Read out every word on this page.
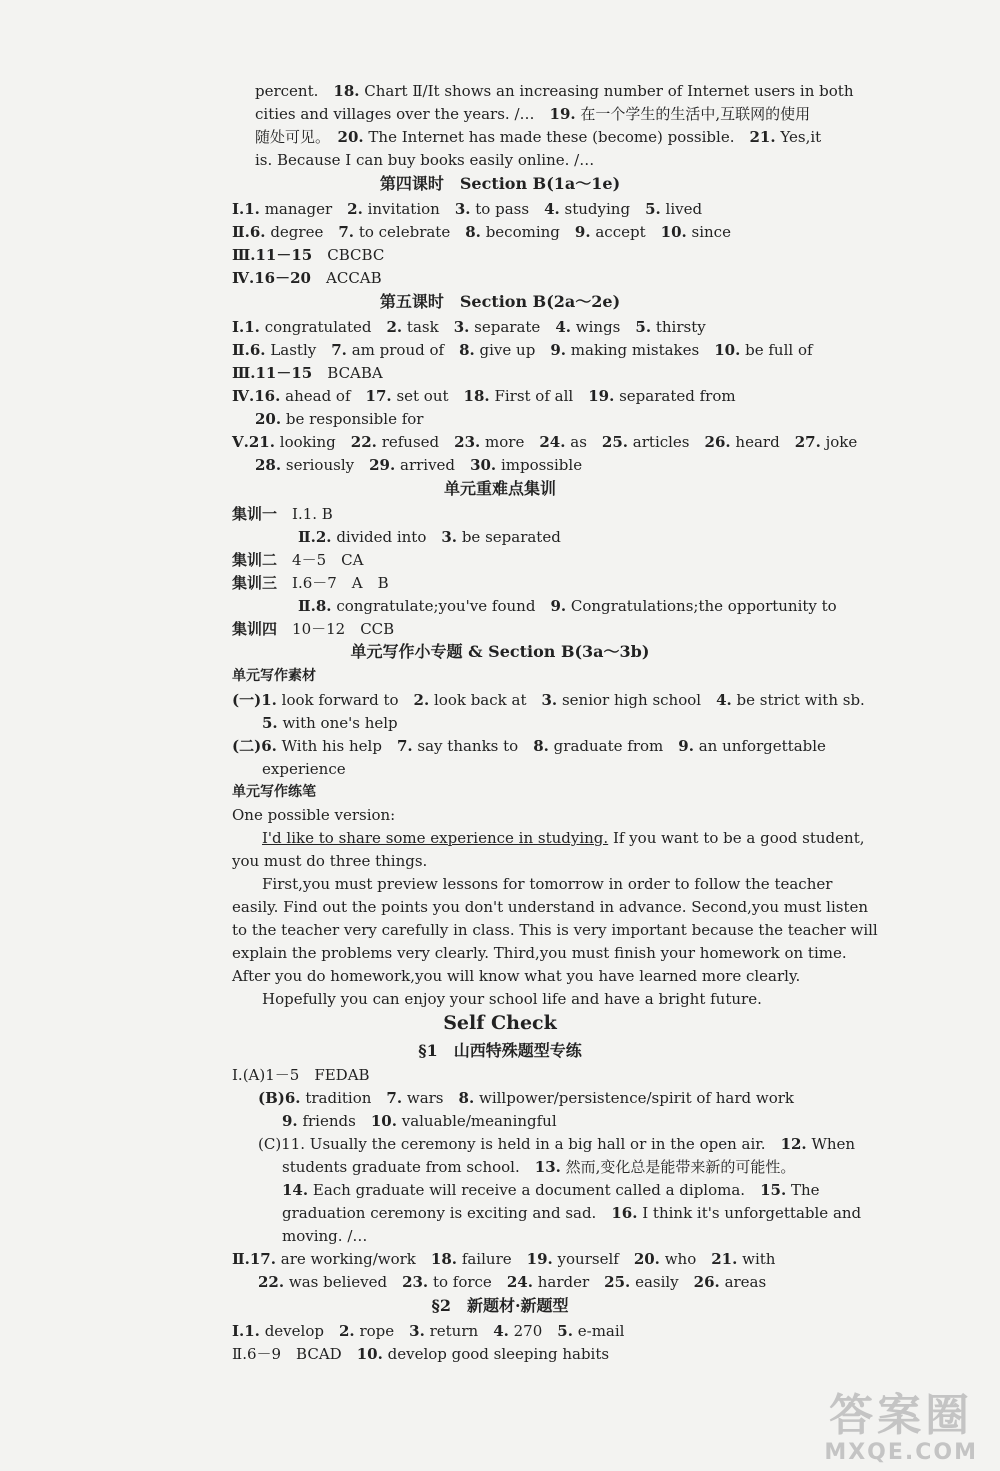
percent.　 18. Chart Ⅱ/It shows an increasing number of Internet users in both
cities and villages over the years. /…　 19. 在一个学生的生活中,互联网的使用
随处可见。　 20. The Internet has made these (become) possible.　 21. Yes,it
is. Because I can buy books easily online. /…
第四课时　Section B(1a～1e)
Ⅰ.1. manager　 2. invitation　 3. to pass　 4. studying　 5. lived
Ⅱ.6. degree　 7. to celebrate　 8. becoming　 9. accept　 10. since
Ⅲ.11－15　 CBCBC
Ⅳ.16－20　 ACCAB
第五课时　Section B(2a～2e)
Ⅰ.1. congratulated　 2. task　 3. separate　 4. wings　 5. thirsty
Ⅱ.6. Lastly　 7. am proud of　 8. give up　 9. making mistakes　 10. be full of
Ⅲ.11－15　 BCABA
Ⅳ.16. ahead of　 17. set out　 18. First of all　 19. separated from
20. be responsible for
Ⅴ.21. looking　 22. refused　 23. more　 24. as　 25. articles　 26. heard　 27. joke
28. seriously　 29. arrived　 30. impossible
单元重难点集训
集训一　 Ⅰ.1. B
Ⅱ.2. divided into　 3. be separated
集训二　 4－5　CA
集训三　 Ⅰ.6－7　A　B
Ⅱ.8. congratulate;you've found　 9. Congratulations;the opportunity to
集训四　 10－12　CCB
单元写作小专题 & Section B(3a～3b)
单元写作素材
(一)1. look forward to　 2. look back at　 3. senior high school　 4. be strict with sb.
5. with one's help
(二)6. With his help　 7. say thanks to　 8. graduate from　 9. an unforgettable
experience
单元写作练笔
One possible version:
I'd like to share some experience in studying. If you want to be a good student,
you must do three things.
First,you must preview lessons for tomorrow in order to follow the teacher
easily. Find out the points you don't understand in advance. Second,you must listen
to the teacher very carefully in class. This is very important because the teacher will
explain the problems very clearly. Third,you must finish your homework on time.
After you do homework,you will know what you have learned more clearly.
Hopefully you can enjoy your school life and have a bright future.
Self Check
§1　山西特殊题型专练
Ⅰ.(A)1－5　FEDAB
(B)6. tradition　 7. wars　 8. willpower/persistence/spirit of hard work
9. friends　 10. valuable/meaningful
(C)11. Usually the ceremony is held in a big hall or in the open air.　 12. When
students graduate from school.　 13. 然而,变化总是能带来新的可能性。
14. Each graduate will receive a document called a diploma.　 15. The
graduation ceremony is exciting and sad.　 16. I think it's unforgettable and
moving. /…
Ⅱ.17. are working/work　 18. failure　 19. yourself　 20. who　 21. with
22. was believed　 23. to force　 24. harder　 25. easily　 26. areas
§2　新题材·新题型
Ⅰ.1. develop　 2. rope　 3. return　 4. 270　 5. e-mail
Ⅱ.6－9　BCAD　 10. develop good sleeping habits
答案圈
MXQE.COM
